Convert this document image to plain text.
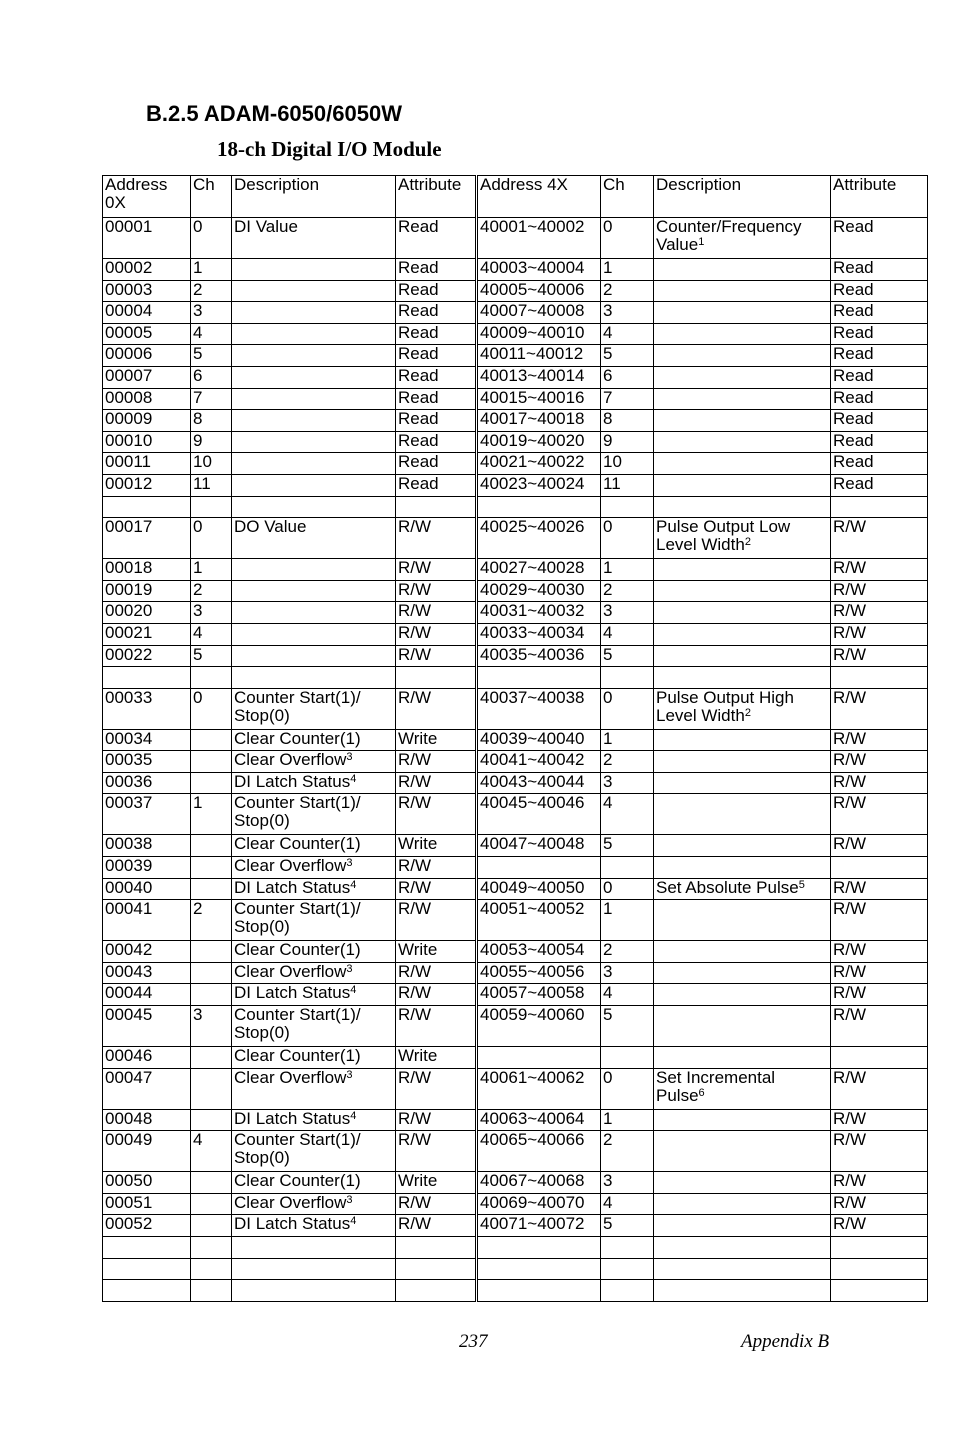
B.2.5 ADAM-6050/6050W
18-ch Digital I/O Module
Address 0X	Ch	Description	Attribute	Address 4X	Ch	Description	Attribute
00001	0	DI Value	Read	40001~40002	0	Counter/Frequency Value$^1$	Read
00002	1		Read	40003~40004	1		Read
00003	2		Read	40005~40006	2		Read
00004	3		Read	40007~40008	3		Read
00005	4		Read	40009~40010	4		Read
00006	5		Read	40011~40012	5		Read
00007	6		Read	40013~40014	6		Read
00008	7		Read	40015~40016	7		Read
00009	8		Read	40017~40018	8		Read
00010	9		Read	40019~40020	9		Read
00011	10		Read	40021~40022	10		Read
00012	11		Read	40023~40024	11		Read

00017	0	DO Value	R/W	40025~40026	0	Pulse Output Low Level Width$^2$	R/W
00018	1		R/W	40027~40028	1		R/W
00019	2		R/W	40029~40030	2		R/W
00020	3		R/W	40031~40032	3		R/W
00021	4		R/W	40033~40034	4		R/W
00022	5		R/W	40035~40036	5		R/W

00033	0	Counter Start(1)/ Stop(0)	R/W	40037~40038	0	Pulse Output High Level Width$^2$	R/W
00034		Clear Counter(1)	Write	40039~40040	1		R/W
00035		Clear Overflow$^3$	R/W	40041~40042	2		R/W
00036		DI Latch Status$^4$	R/W	40043~40044	3		R/W
00037	1	Counter Start(1)/ Stop(0)	R/W	40045~40046	4		R/W
00038		Clear Counter(1)	Write	40047~40048	5		R/W
00039		Clear Overflow$^3$	R/W				
00040		DI Latch Status$^4$	R/W	40049~40050	0	Set Absolute Pulse$^5$	R/W
00041	2	Counter Start(1)/ Stop(0)	R/W	40051~40052	1		R/W
00042		Clear Counter(1)	Write	40053~40054	2		R/W
00043		Clear Overflow$^3$	R/W	40055~40056	3		R/W
00044		DI Latch Status$^4$	R/W	40057~40058	4		R/W
00045	3	Counter Start(1)/ Stop(0)	R/W	40059~40060	5		R/W
00046		Clear Counter(1)	Write				
00047		Clear Overflow$^3$	R/W	40061~40062	0	Set Incremental Pulse$^6$	R/W
00048		DI Latch Status$^4$	R/W	40063~40064	1		R/W
00049	4	Counter Start(1)/ Stop(0)	R/W	40065~40066	2		R/W
00050		Clear Counter(1)	Write	40067~40068	3		R/W
00051		Clear Overflow$^3$	R/W	40069~40070	4		R/W
00052		DI Latch Status$^4$	R/W	40071~40072	5		R/W

237	Appendix B
